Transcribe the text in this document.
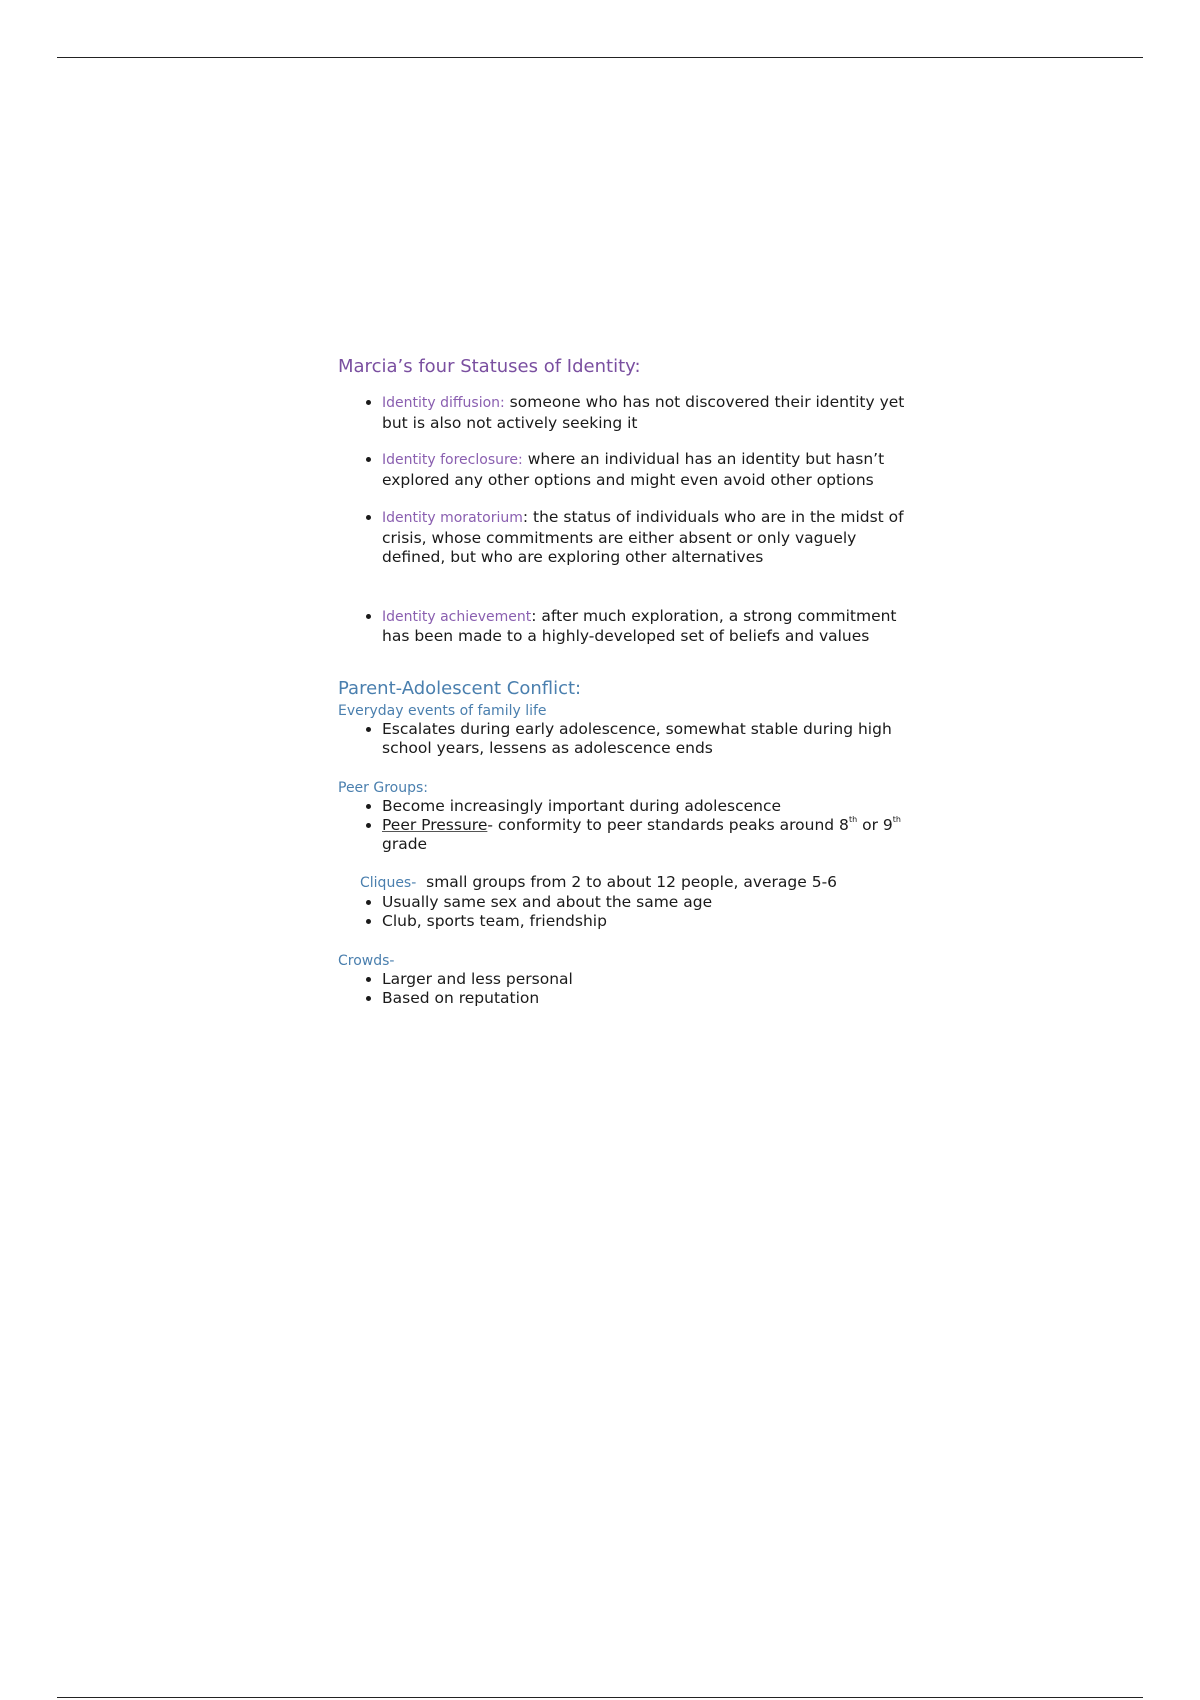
Marcia’s four Statuses of Identity:
• Identity diffusion: someone who has not discovered their identity yet but is also not actively seeking it
• Identity foreclosure: where an individual has an identity but hasn’t explored any other options and might even avoid other options
• Identity moratorium: the status of individuals who are in the midst of crisis, whose commitments are either absent or only vaguely defined, but who are exploring other alternatives
• Identity achievement: after much exploration, a strong commitment has been made to a highly-developed set of beliefs and values
Parent-Adolescent Conflict:

Everyday events of family life

• Escalates during early adolescence, somewhat stable during high school years, lessens as adolescence ends

Peer Groups:

• Become increasingly important during adolescence
• Peer Pressure- conformity to peer standards peaks around 8th or 9th grade
Cliques-  small groups from 2 to about 12 people, average 5-6
• Usually same sex and about the same age
• Club, sports team, friendship

Crowds-

• Larger and less personal
• Based on reputation
